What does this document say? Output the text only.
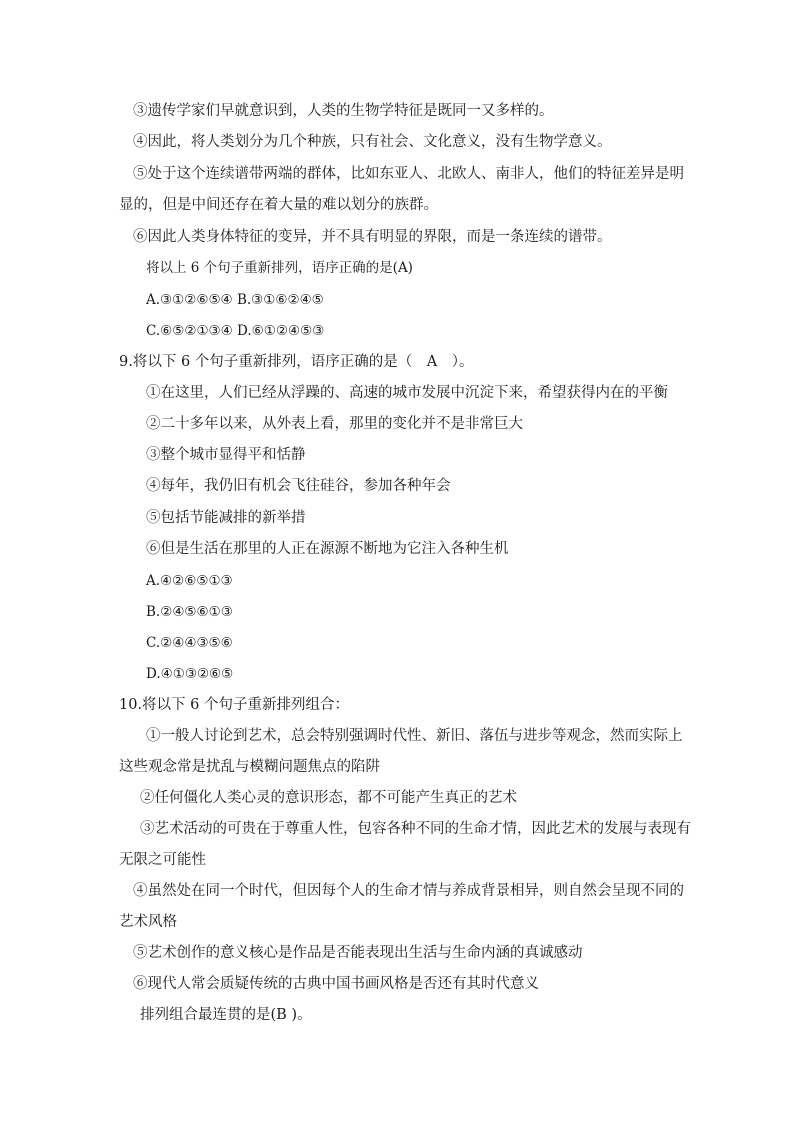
③遗传学家们早就意识到，人类的生物学特征是既同一又多样的。
④因此，将人类划分为几个种族，只有社会、文化意义，没有生物学意义。
⑤处于这个连续谱带两端的群体，比如东亚人、北欧人、南非人，他们的特征差异是明
显的，但是中间还存在着大量的难以划分的族群。
⑥因此人类身体特征的变异，并不具有明显的界限，而是一条连续的谱带。
将以上 6 个句子重新排列，语序正确的是(A)
A.③①②⑥⑤④ B.③①⑥②④⑤
C.⑥⑤②①③④ D.⑥①②④⑤③
9.将以下 6 个句子重新排列，语序正确的是（　A　）。
①在这里，人们已经从浮躁的、高速的城市发展中沉淀下来，希望获得内在的平衡
②二十多年以来，从外表上看，那里的变化并不是非常巨大
③整个城市显得平和恬静
④每年，我仍旧有机会飞往硅谷，参加各种年会
⑤包括节能减排的新举措
⑥但是生活在那里的人正在源源不断地为它注入各种生机
A.④②⑥⑤①③
B.②④⑤⑥①③
C.②④④③⑤⑥
D.④①③②⑥⑤
10.将以下 6 个句子重新排列组合：
①一般人讨论到艺术，总会特别强调时代性、新旧、落伍与进步等观念，然而实际上
这些观念常是扰乱与模糊问题焦点的陷阱
②任何僵化人类心灵的意识形态，都不可能产生真正的艺术
③艺术活动的可贵在于尊重人性，包容各种不同的生命才情，因此艺术的发展与表现有
无限之可能性
④虽然处在同一个时代，但因每个人的生命才情与养成背景相异，则自然会呈现不同的
艺术风格
⑤艺术创作的意义核心是作品是否能表现出生活与生命内涵的真诚感动
⑥现代人常会质疑传统的古典中国书画风格是否还有其时代意义
排列组合最连贯的是(B )。
